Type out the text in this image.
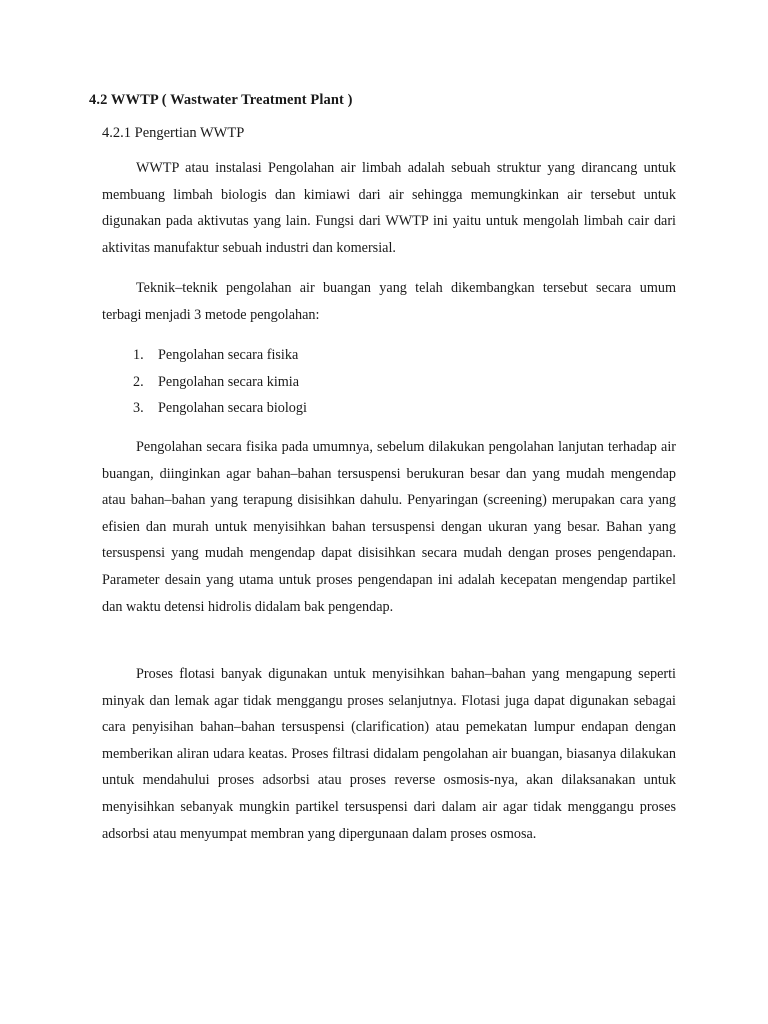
4.2 WWTP ( Wastwater Treatment Plant )
4.2.1 Pengertian WWTP

WWTP atau instalasi Pengolahan air limbah adalah sebuah struktur yang dirancang untuk membuang limbah biologis dan kimiawi dari air sehingga memungkinkan air tersebut untuk digunakan pada aktivutas yang lain. Fungsi dari WWTP ini yaitu untuk mengolah limbah cair dari aktivitas manufaktur sebuah industri dan komersial.

Teknik–teknik pengolahan air buangan yang telah dikembangkan tersebut secara umum terbagi menjadi 3 metode pengolahan:

1.	Pengolahan secara fisika
2.	Pengolahan secara kimia
3.	Pengolahan secara biologi

Pengolahan secara fisika pada umumnya, sebelum dilakukan pengolahan lanjutan terhadap air buangan, diinginkan agar bahan–bahan tersuspensi berukuran besar dan yang mudah mengendap atau bahan–bahan yang terapung disisihkan dahulu. Penyaringan (screening) merupakan cara yang efisien dan murah untuk menyisihkan bahan tersuspensi dengan ukuran yang besar. Bahan yang tersuspensi yang mudah mengendap dapat disisihkan secara mudah dengan proses pengendapan. Parameter desain yang utama untuk proses pengendapan ini adalah kecepatan mengendap partikel dan waktu detensi hidrolis didalam bak pengendap.

Proses flotasi banyak digunakan untuk menyisihkan bahan–bahan yang mengapung seperti minyak dan lemak agar tidak menggangu proses selanjutnya. Flotasi juga dapat digunakan sebagai cara penyisihan bahan–bahan tersuspensi (clarification) atau pemekatan lumpur endapan dengan memberikan aliran udara keatas. Proses filtrasi didalam pengolahan air buangan, biasanya dilakukan untuk mendahului proses adsorbsi atau proses reverse osmosis-nya, akan dilaksanakan untuk menyisihkan sebanyak mungkin partikel tersuspensi dari dalam air agar tidak menggangu proses adsorbsi atau menyumpat membran yang dipergunaan dalam proses osmosa.
